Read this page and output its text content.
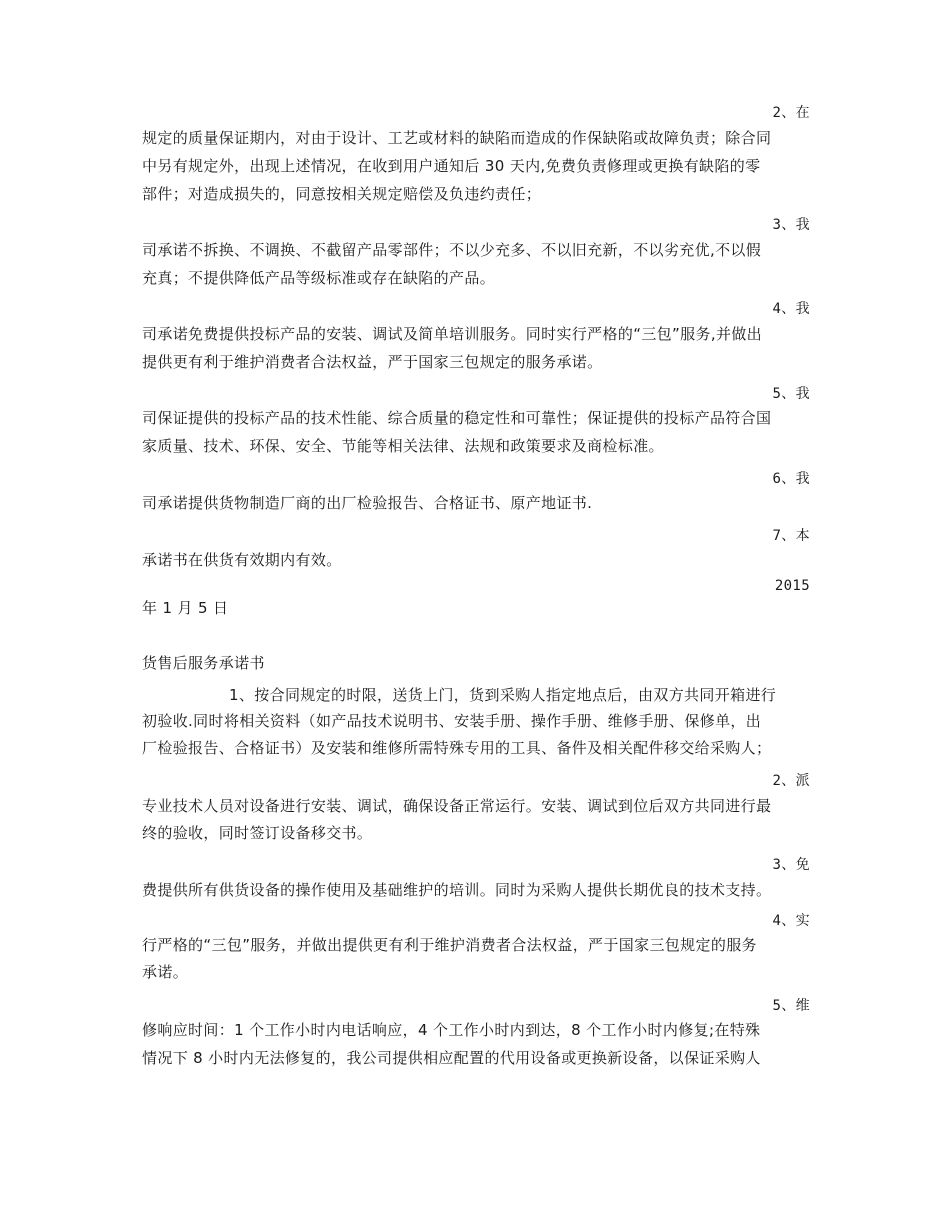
2、在
规定的质量保证期内，对由于设计、工艺或材料的缺陷而造成的作保缺陷或故障负责；除合同
中另有规定外，出现上述情况，在收到用户通知后 30 天内,免费负责修理或更换有缺陷的零
部件；对造成损失的，同意按相关规定赔偿及负违约责任；
3、我
司承诺不拆换、不调换、不截留产品零部件；不以少充多、不以旧充新，不以劣充优,不以假
充真；不提供降低产品等级标准或存在缺陷的产品。
4、我
司承诺免费提供投标产品的安装、调试及简单培训服务。同时实行严格的“三包”服务,并做出
提供更有利于维护消费者合法权益，严于国家三包规定的服务承诺。
5、我
司保证提供的投标产品的技术性能、综合质量的稳定性和可靠性；保证提供的投标产品符合国
家质量、技术、环保、安全、节能等相关法律、法规和政策要求及商检标准。
6、我
司承诺提供货物制造厂商的出厂检验报告、合格证书、原产地证书.
7、本
承诺书在供货有效期内有效。
2015
年 1 月 5 日
货售后服务承诺书
1、按合同规定的时限，送货上门，货到采购人指定地点后，由双方共同开箱进行
初验收.同时将相关资料（如产品技术说明书、安装手册、操作手册、维修手册、保修单，出
厂检验报告、合格证书）及安装和维修所需特殊专用的工具、备件及相关配件移交给采购人；
2、派
专业技术人员对设备进行安装、调试，确保设备正常运行。安装、调试到位后双方共同进行最
终的验收，同时签订设备移交书。
3、免
费提供所有供货设备的操作使用及基础维护的培训。同时为采购人提供长期优良的技术支持。
4、实
行严格的“三包”服务，并做出提供更有利于维护消费者合法权益，严于国家三包规定的服务
承诺。
5、维
修响应时间：1 个工作小时内电话响应，4 个工作小时内到达，8 个工作小时内修复;在特殊
情况下 8 小时内无法修复的，我公司提供相应配置的代用设备或更换新设备，以保证采购人
